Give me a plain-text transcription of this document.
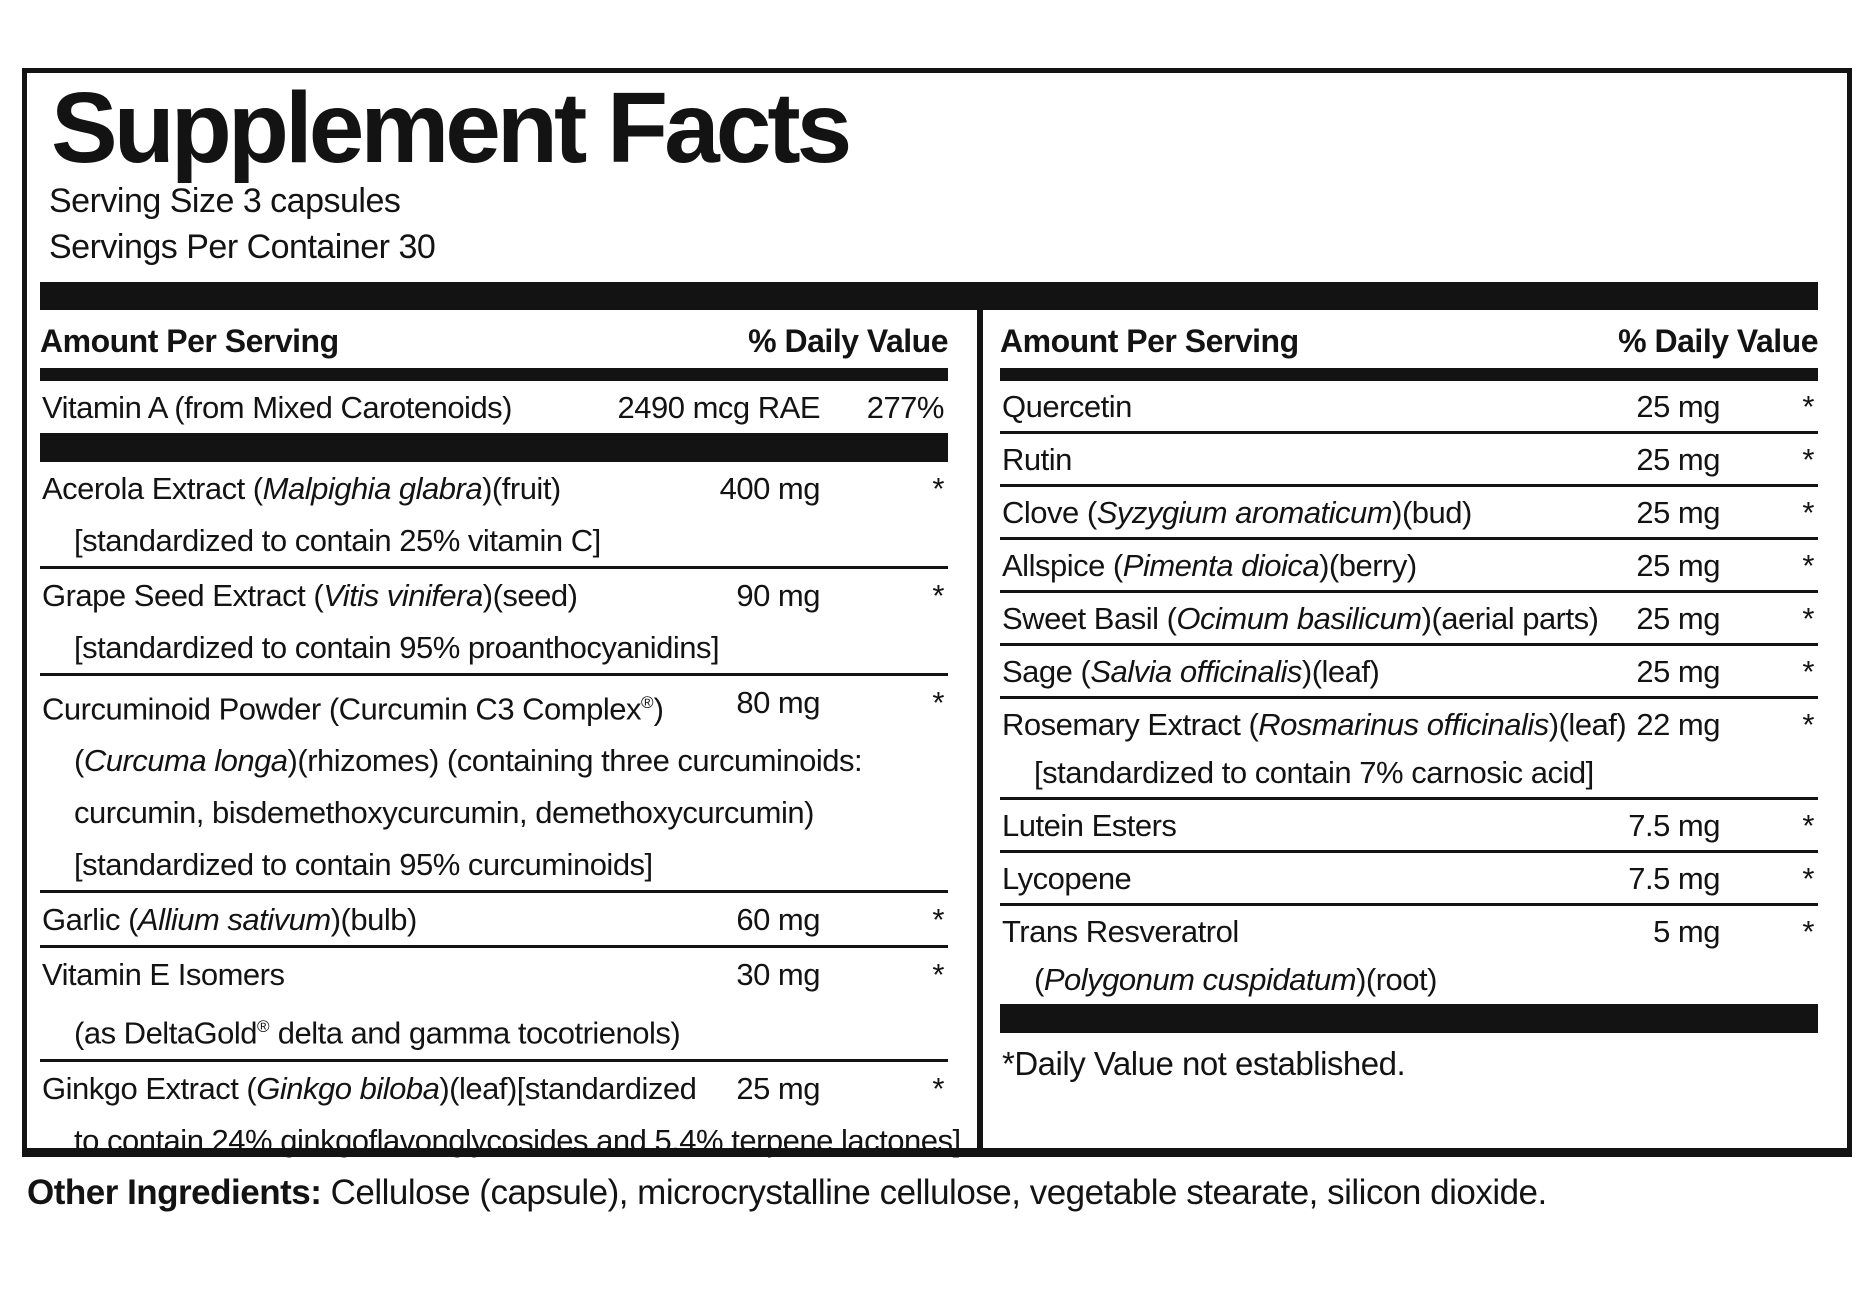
Supplement Facts
Serving Size 3 capsules
Servings Per Container 30
Amount Per Serving	% Daily Value
Vitamin A (from Mixed Carotenoids)	2490 mcg RAE 277%
Acerola Extract (Malpighia glabra)(fruit)	400 mg	*
[standardized to contain 25% vitamin C]
Grape Seed Extract (Vitis vinifera)(seed)	90 mg	*
[standardized to contain 95% proanthocyanidins]
Curcuminoid Powder (Curcumin C3 Complex®)	80 mg	*
(Curcuma longa)(rhizomes) (containing three curcuminoids:
curcumin, bisdemethoxycurcumin, demethoxycurcumin)
[standardized to contain 95% curcuminoids]
Garlic (Allium sativum)(bulb)	60 mg	*
Vitamin E Isomers	30 mg	*
(as DeltaGold® delta and gamma tocotrienols)
Ginkgo Extract (Ginkgo biloba)(leaf)[standardized	25 mg	*
to contain 24% ginkgoflavonglycosides and 5.4% terpene lactones]
Amount Per Serving	% Daily Value
Quercetin	25 mg	*
Rutin	25 mg	*
Clove (Syzygium aromaticum)(bud)	25 mg	*
Allspice (Pimenta dioica)(berry)	25 mg	*
Sweet Basil (Ocimum basilicum)(aerial parts)	25 mg	*
Sage (Salvia officinalis)(leaf)	25 mg	*
Rosemary Extract (Rosmarinus officinalis)(leaf) 22 mg	*
[standardized to contain 7% carnosic acid]
Lutein Esters	7.5 mg	*
Lycopene	7.5 mg	*
Trans Resveratrol	5 mg	*
(Polygonum cuspidatum)(root)
*Daily Value not established.
Other Ingredients: Cellulose (capsule), microcrystalline cellulose, vegetable stearate, silicon dioxide.
